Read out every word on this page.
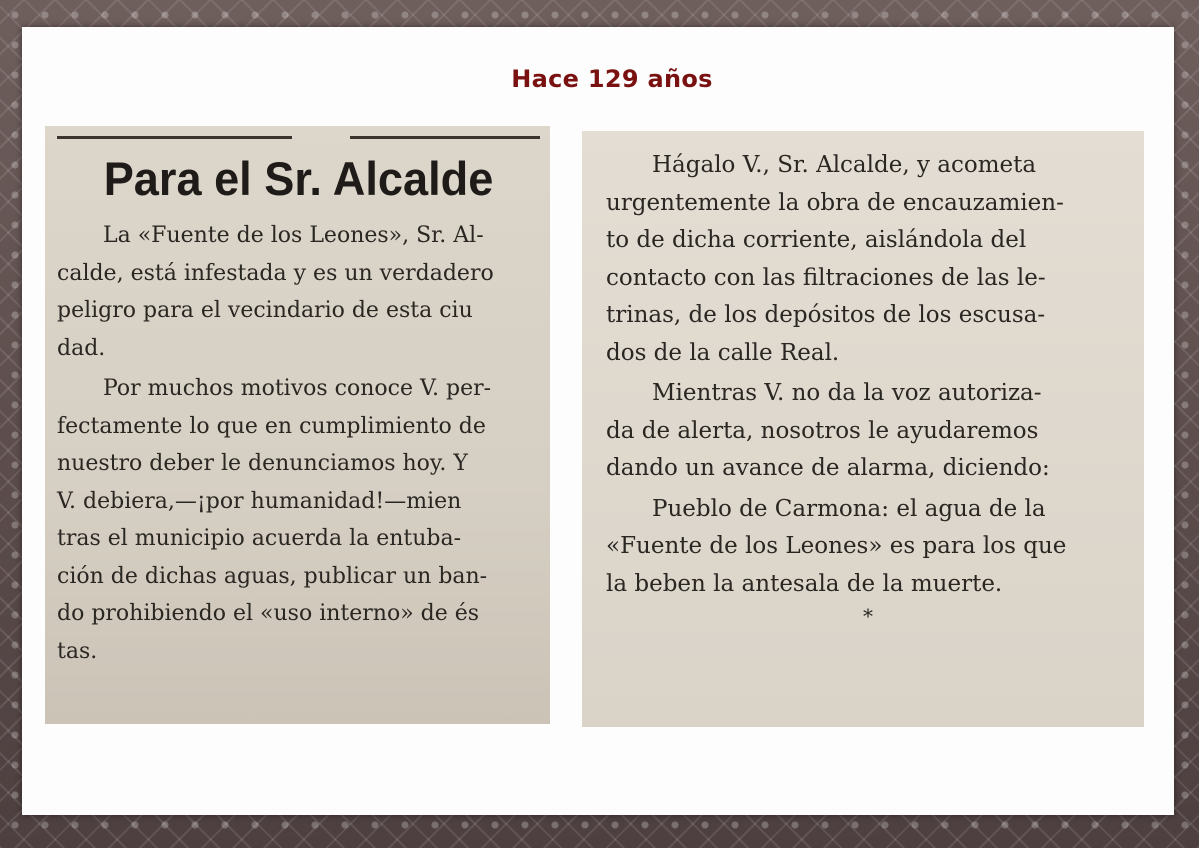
Hace 129 años
Para el Sr. Alcalde

La «Fuente de los Leones», Sr. Al-
calde, está infestada y es un verdadero
peligro para el vecindario de esta ciu
dad.

Por muchos motivos conoce V. per-
fectamente lo que en cumplimiento de
nuestro deber le denunciamos hoy. Y
V. debiera,—¡por humanidad!—mien
tras el municipio acuerda la entuba-
ción de dichas aguas, publicar un ban-
do prohibiendo el «uso interno» de és
tas.

Hágalo V., Sr. Alcalde, y acometa
urgentemente la obra de encauzamien-
to de dicha corriente, aislándola del
contacto con las filtraciones de las le-
trinas, de los depósitos de los escusa-
dos de la calle Real.

Mientras V. no da la voz autoriza-
da de alerta, nosotros le ayudaremos
dando un avance de alarma, diciendo:

Pueblo de Carmona: el agua de la
«Fuente de los Leones» es para los que
la beben la antesala de la muerte.

*
